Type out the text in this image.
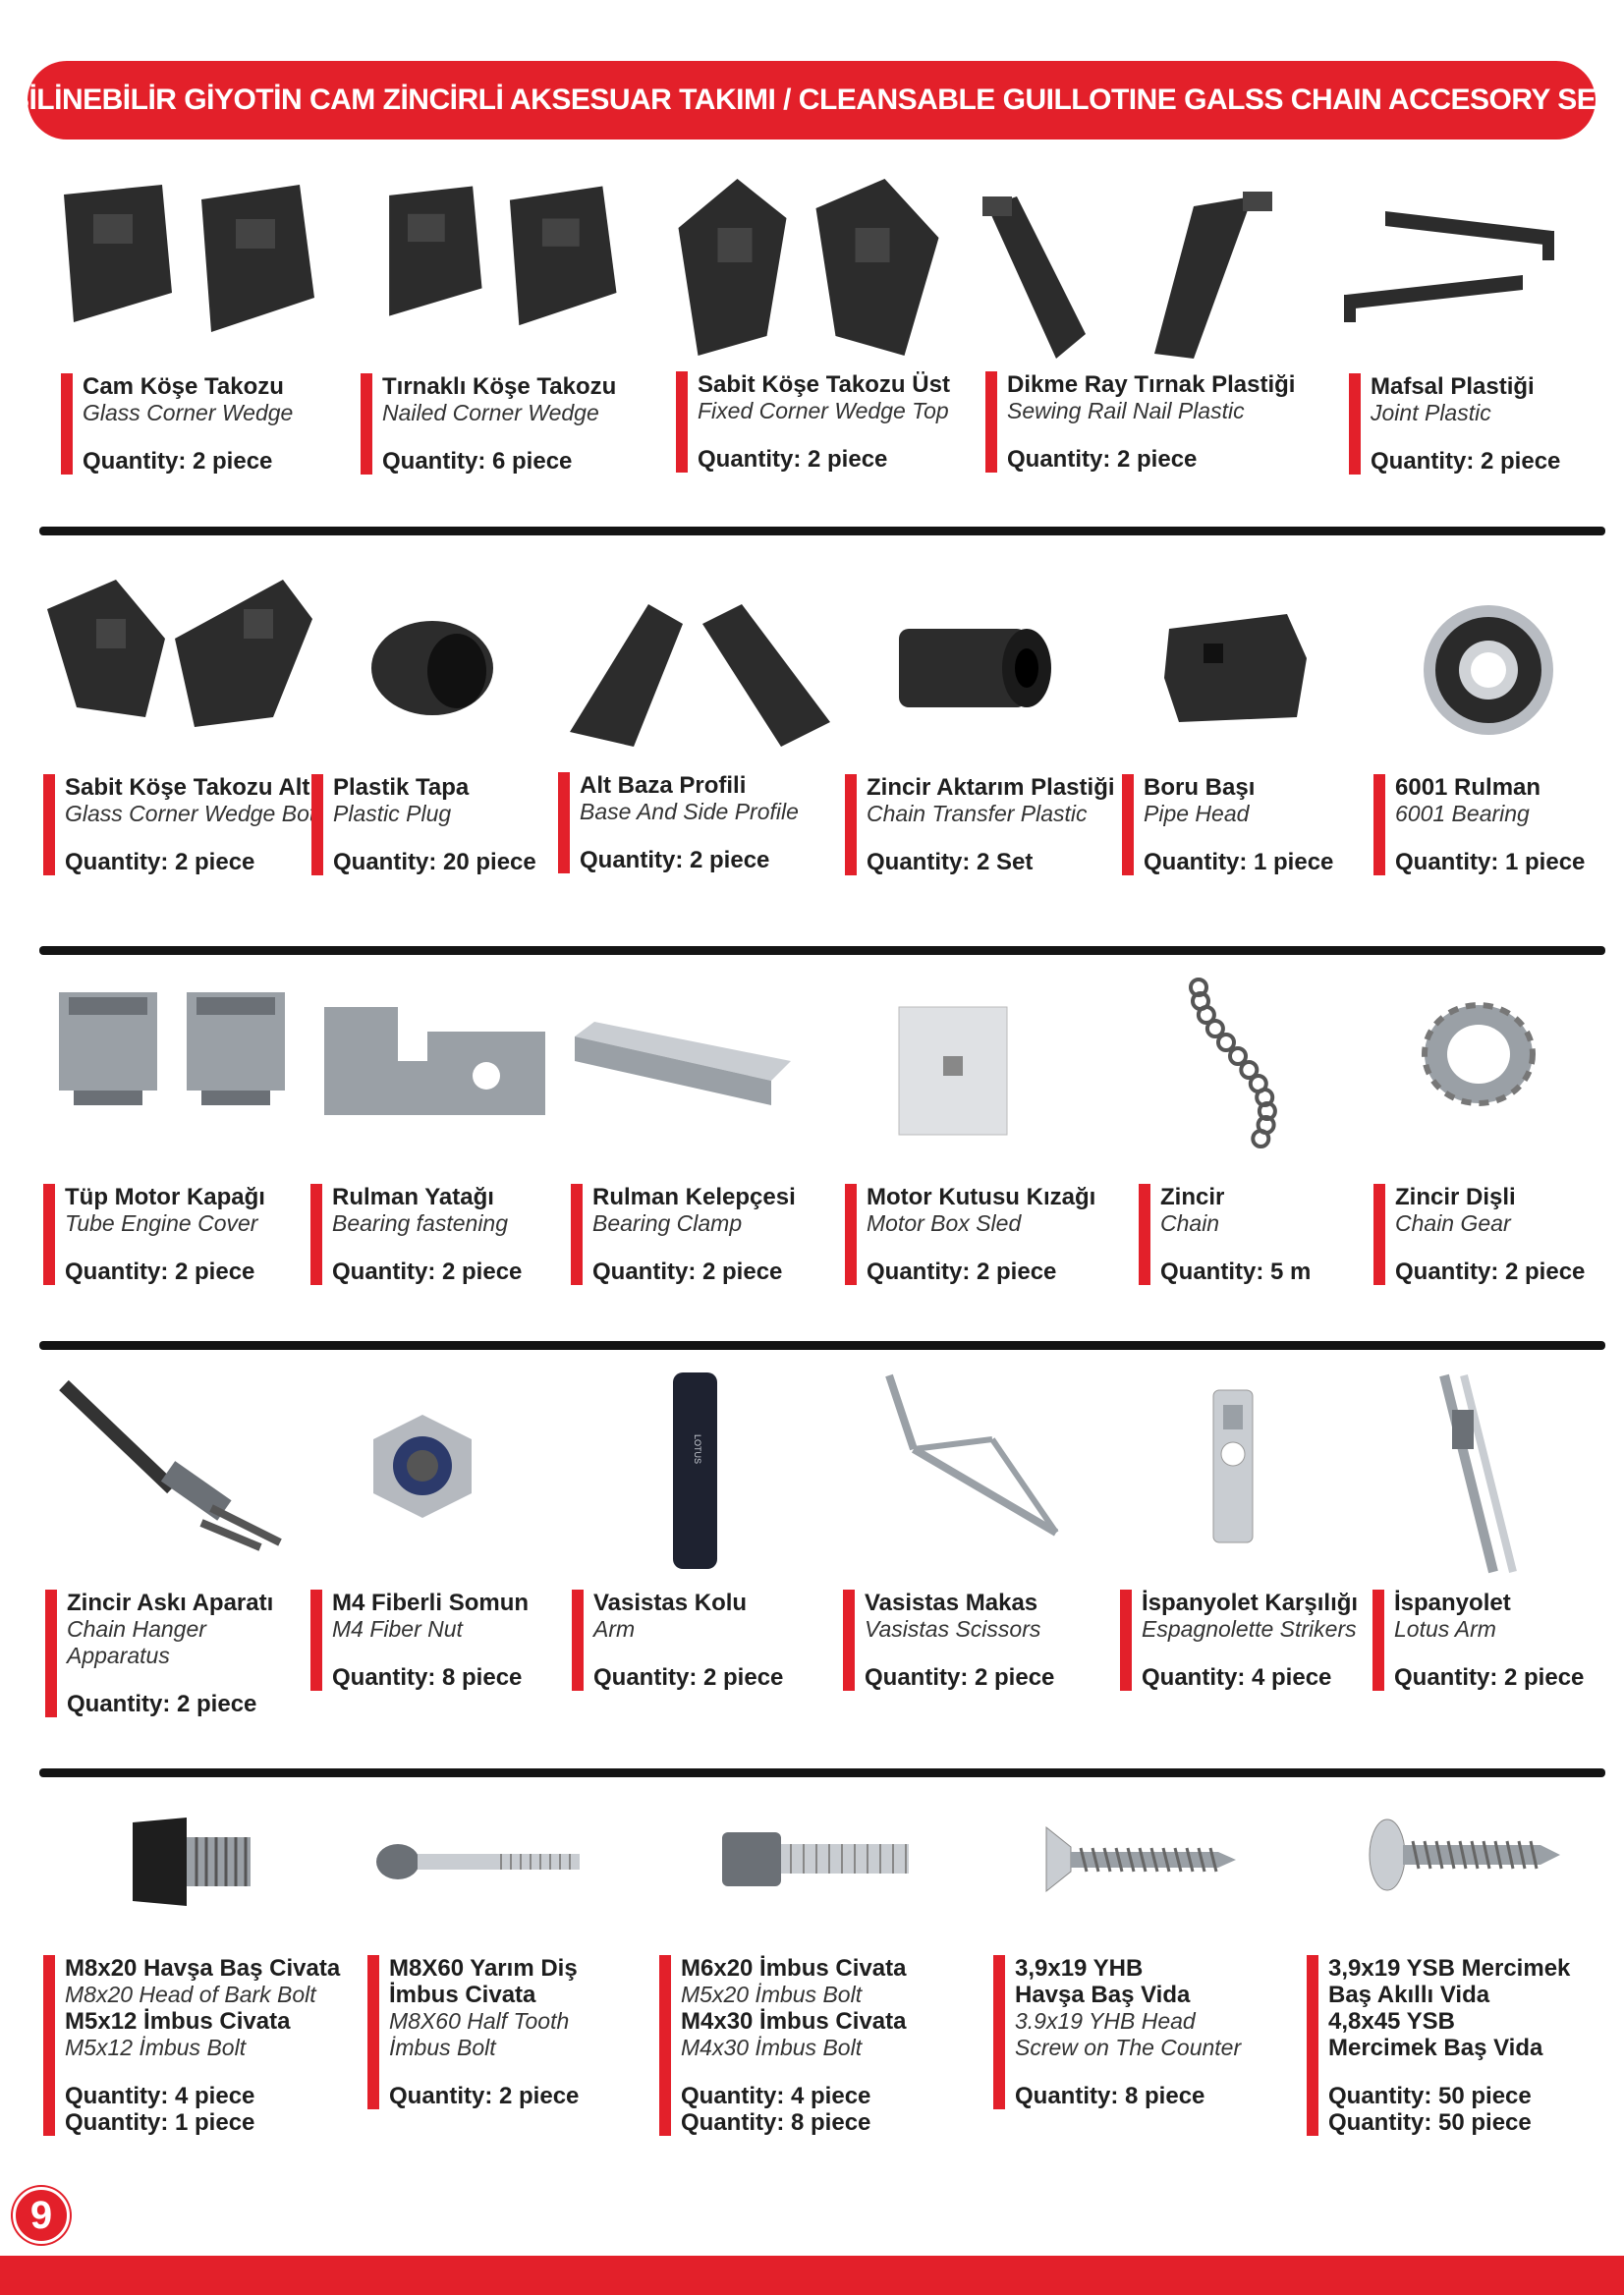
SİLİNEBİLİR GİYOTİN CAM ZİNCİRLİ AKSESUAR TAKIMI / CLEANSABLE GUILLOTINE GALSS CHAIN ACCESORY SET
Cam Köşe Takozu
Glass Corner Wedge
Quantity: 2 piece
Tırnaklı Köşe Takozu
Nailed Corner Wedge
Quantity: 6 piece
Sabit Köşe Takozu Üst
Fixed Corner Wedge Top
Quantity: 2 piece
Dikme Ray Tırnak Plastiği
Sewing Rail Nail Plastic
Quantity: 2 piece
Mafsal Plastiği
Joint Plastic
Quantity: 2 piece
Sabit Köşe Takozu Alt
Glass Corner Wedge Bot
Quantity: 2 piece
Plastik Tapa
Plastic Plug
Quantity: 20 piece
Alt Baza Profili
Base And Side Profile
Quantity: 2 piece
Zincir Aktarım Plastiği
Chain Transfer Plastic
Quantity: 2 Set
Boru Başı
Pipe Head
Quantity: 1 piece
6001 Rulman
6001 Bearing
Quantity: 1 piece
Tüp Motor Kapağı
Tube Engine Cover
Quantity: 2 piece
Rulman Yatağı
Bearing fastening
Quantity: 2 piece
Rulman Kelepçesi
Bearing Clamp
Quantity: 2 piece
Motor Kutusu Kızağı
Motor Box Sled
Quantity: 2 piece
Zincir
Chain
Quantity: 5 m
Zincir Dişli
Chain Gear
Quantity: 2 piece
Zincir Askı Aparatı
Chain Hanger
Apparatus
Quantity: 2 piece
M4 Fiberli Somun
M4 Fiber Nut
Quantity: 8 piece
LOTUS
Vasistas Kolu
Arm
Quantity: 2 piece
Vasistas Makas
Vasistas Scissors
Quantity: 2 piece
İspanyolet Karşılığı
Espagnolette Strikers
Quantity: 4 piece
İspanyolet
Lotus Arm
Quantity: 2 piece
M8x20 Havşa Baş Civata
M8x20 Head of Bark Bolt
M5x12 İmbus Civata
M5x12 İmbus Bolt
Quantity: 4 piece
Quantity: 1 piece
M8X60 Yarım Diş
İmbus Civata
M8X60 Half Tooth
İmbus Bolt
Quantity: 2 piece
M6x20 İmbus Civata
M5x20 İmbus Bolt
M4x30 İmbus Civata
M4x30 İmbus Bolt
Quantity: 4 piece
Quantity: 8 piece
3,9x19 YHB
Havşa Baş Vida
3.9x19 YHB Head
Screw on The Counter
Quantity: 8 piece
3,9x19 YSB Mercimek
Baş Akıllı Vida
4,8x45 YSB
Mercimek Baş Vida
Quantity: 50 piece
Quantity: 50 piece
9
